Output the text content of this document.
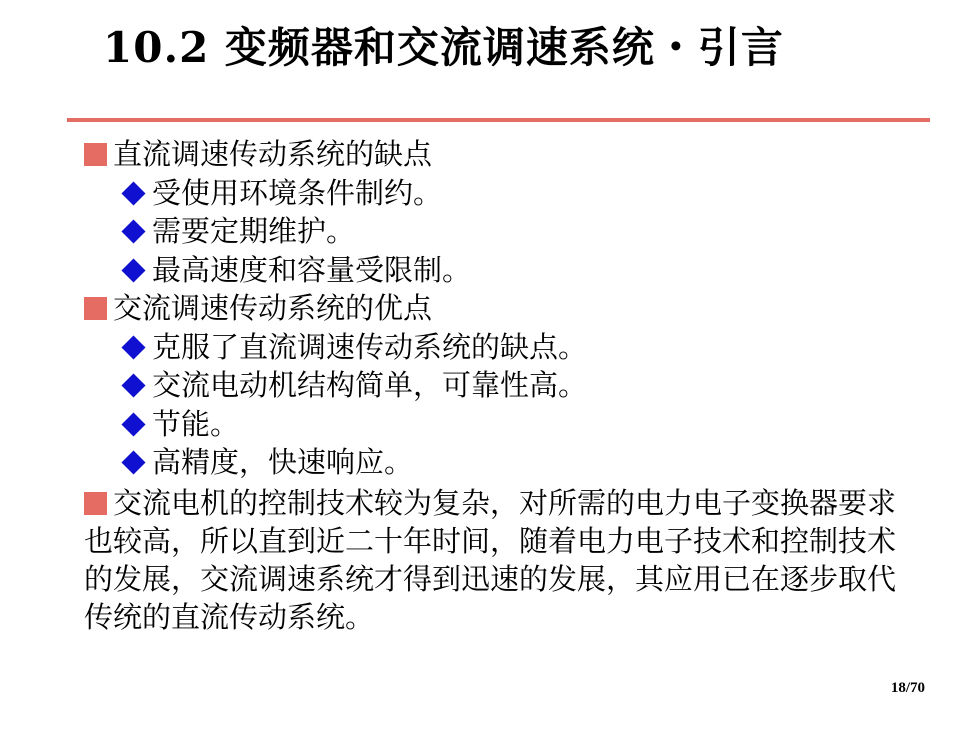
10.2 变频器和交流调速系统・引言
直流调速传动系统的缺点
受使用环境条件制约。
需要定期维护。
最高速度和容量受限制。
交流调速传动系统的优点
克服了直流调速传动系统的缺点。
交流电动机结构简单，可靠性高。
节能。
高精度，快速响应。
交流电机的控制技术较为复杂，对所需的电力电子变换器要求也较高，所以直到近二十年时间，随着电力电子技术和控制技术的发展，交流调速系统才得到迅速的发展，其应用已在逐步取代传统的直流传动系统。
18/70
